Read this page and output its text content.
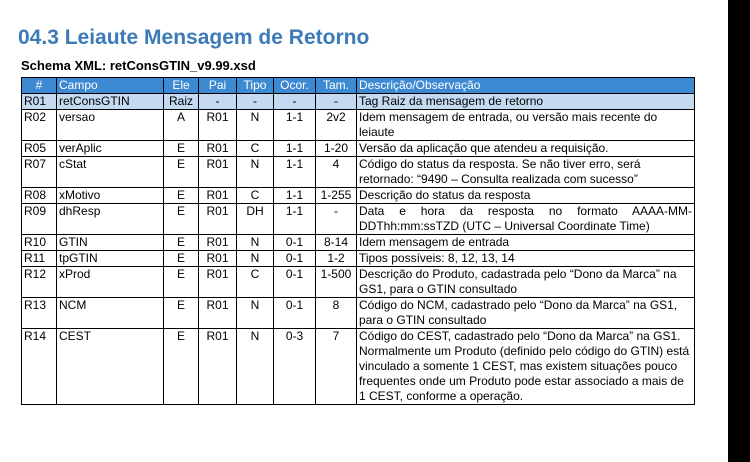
04.3 Leiaute Mensagem de Retorno
Schema XML: retConsGTIN_v9.99.xsd
#	Campo	Ele	Pai	Tipo	Ocor.	Tam.	Descrição/Observação
R01	retConsGTIN	Raiz	-	-	-	-	Tag Raiz da mensagem de retorno
R02	versao	A	R01	N	1-1	2v2	Idem mensagem de entrada, ou versão mais recente do leiaute
R05	verAplic	E	R01	C	1-1	1-20	Versão da aplicação que atendeu a requisição.
R07	cStat	E	R01	N	1-1	4	Código do status da resposta. Se não tiver erro, será retornado: “9490 – Consulta realizada com sucesso”
R08	xMotivo	E	R01	C	1-1	1-255	Descrição do status da resposta
R09	dhResp	E	R01	DH	1-1	-	Data e hora da resposta no formato AAAA-MM-DDThh:mm:ssTZD (UTC – Universal Coordinate Time)
R10	GTIN	E	R01	N	0-1	8-14	Idem mensagem de entrada
R11	tpGTIN	E	R01	N	0-1	1-2	Tipos possíveis: 8, 12, 13, 14
R12	xProd	E	R01	C	0-1	1-500	Descrição do Produto, cadastrada pelo “Dono da Marca” na GS1, para o GTIN consultado
R13	NCM	E	R01	N	0-1	8	Código do NCM, cadastrado pelo “Dono da Marca” na GS1, para o GTIN consultado
R14	CEST	E	R01	N	0-3	7	Código do CEST, cadastrado pelo “Dono da Marca” na GS1. Normalmente um Produto (definido pelo código do GTIN) está vinculado a somente 1 CEST, mas existem situações pouco frequentes onde um Produto pode estar associado a mais de 1 CEST, conforme a operação.
